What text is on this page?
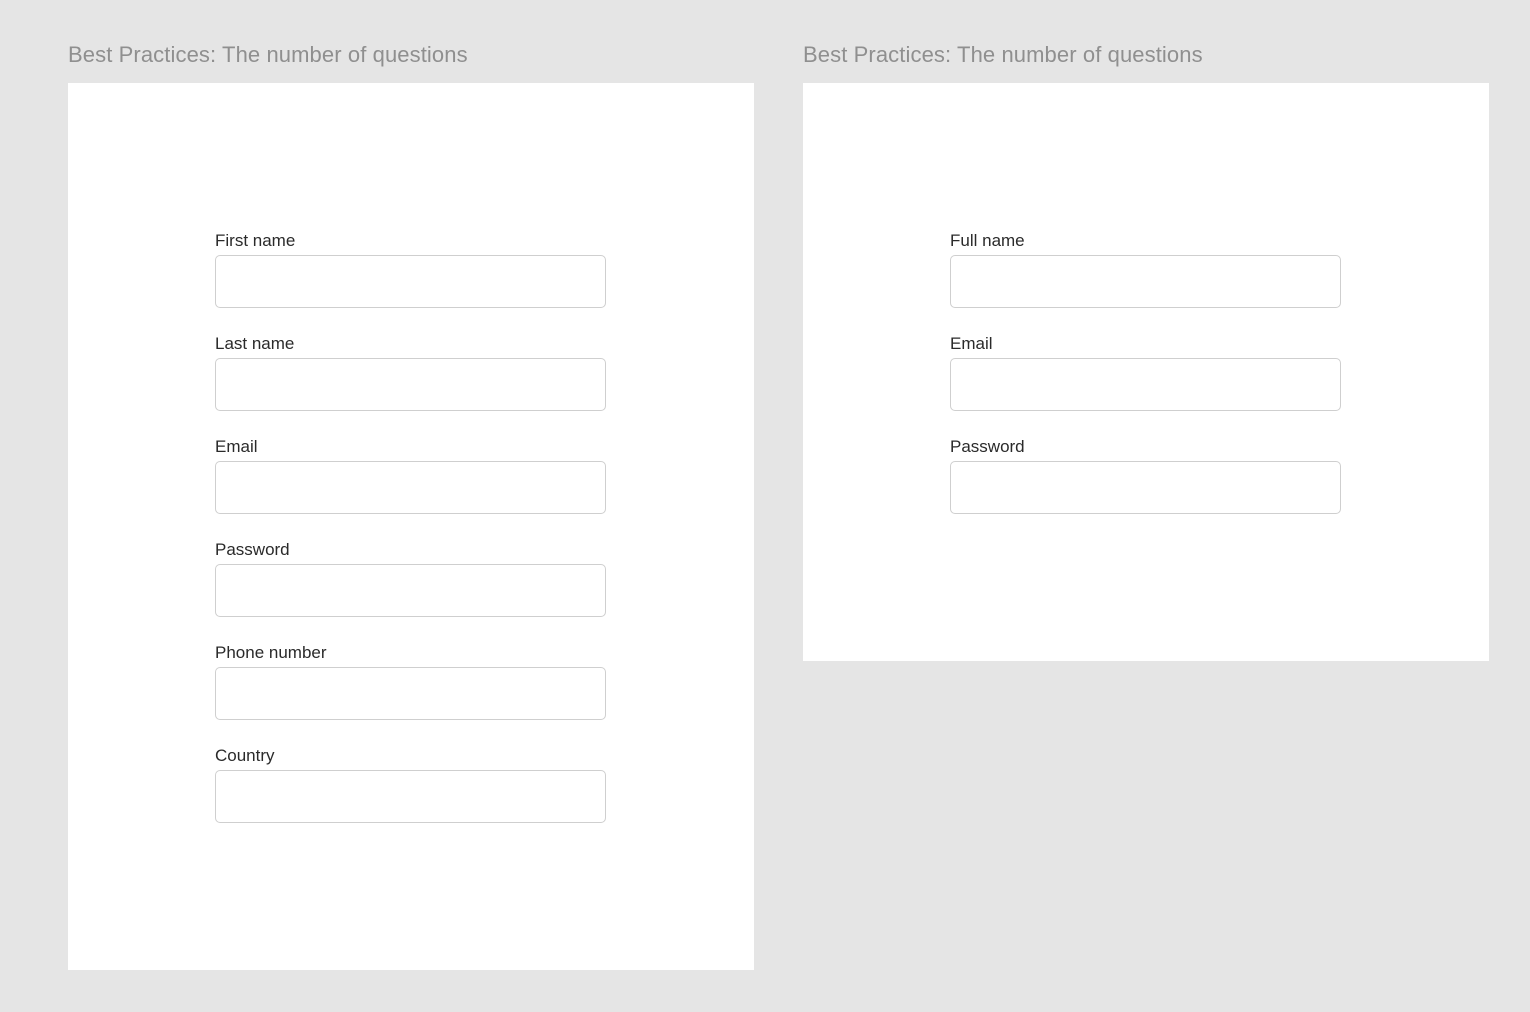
Best Practices: The number of questions
First name
Last name
Email
Password
Phone number
Country
Best Practices: The number of questions
Full name
Email
Password
